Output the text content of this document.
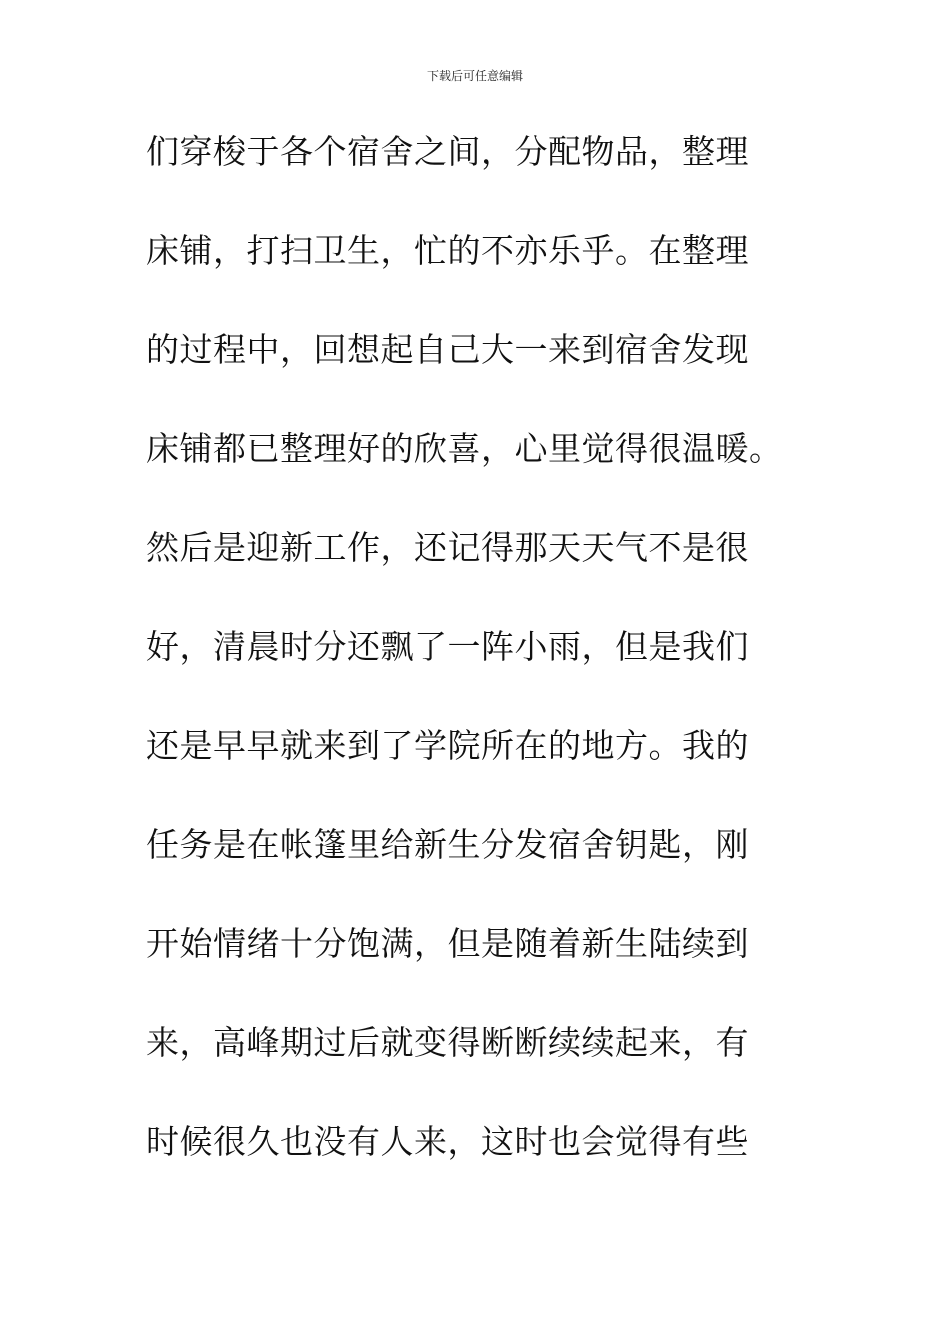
下载后可任意编辑
们穿梭于各个宿舍之间，分配物品，整理
床铺，打扫卫生，忙的不亦乐乎。在整理
的过程中，回想起自己大一来到宿舍发现
床铺都已整理好的欣喜，心里觉得很温暖。
然后是迎新工作，还记得那天天气不是很
好，清晨时分还飘了一阵小雨，但是我们
还是早早就来到了学院所在的地方。我的
任务是在帐篷里给新生分发宿舍钥匙，刚
开始情绪十分饱满，但是随着新生陆续到
来，高峰期过后就变得断断续续起来，有
时候很久也没有人来，这时也会觉得有些
